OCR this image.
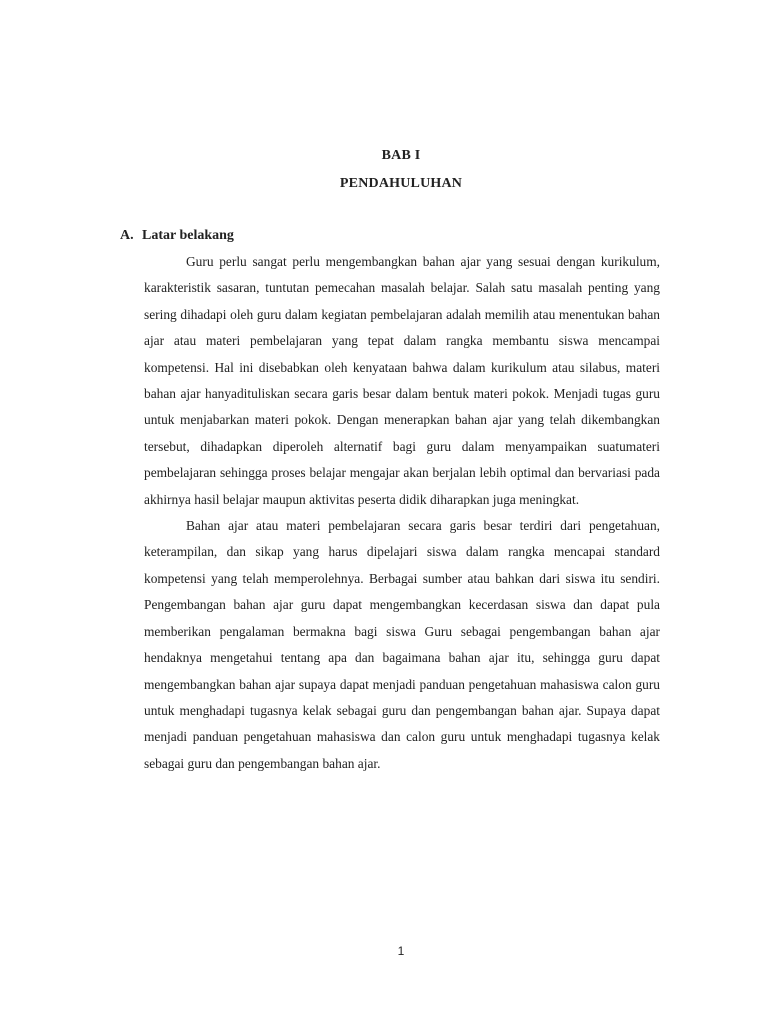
BAB I
PENDAHULUHAN
A. Latar belakang

Guru perlu sangat perlu mengembangkan bahan ajar yang sesuai dengan kurikulum, karakteristik sasaran, tuntutan pemecahan masalah belajar. Salah satu masalah penting yang sering dihadapi oleh guru dalam kegiatan pembelajaran adalah memilih atau menentukan bahan ajar atau materi pembelajaran yang tepat dalam rangka membantu siswa mencampai kompetensi. Hal ini disebabkan oleh kenyataan bahwa dalam kurikulum atau silabus, materi bahan ajar hanyadituliskan secara garis besar dalam bentuk materi pokok. Menjadi tugas guru untuk menjabarkan materi pokok. Dengan menerapkan bahan ajar yang telah dikembangkan tersebut, dihadapkan diperoleh alternatif bagi guru dalam menyampaikan suatumateri pembelajaran sehingga proses belajar mengajar akan berjalan lebih optimal dan bervariasi pada akhirnya hasil belajar maupun aktivitas peserta didik diharapkan juga meningkat.

Bahan ajar atau materi pembelajaran secara garis besar terdiri dari pengetahuan, keterampilan, dan sikap yang harus dipelajari siswa dalam rangka mencapai standard kompetensi yang telah memperolehnya. Berbagai sumber atau bahkan dari siswa itu sendiri. Pengembangan bahan ajar guru dapat mengembangkan kecerdasan siswa dan dapat pula memberikan pengalaman bermakna bagi siswa Guru sebagai pengembangan bahan ajar hendaknya mengetahui tentang apa dan bagaimana bahan ajar itu, sehingga guru dapat mengembangkan bahan ajar supaya dapat menjadi panduan pengetahuan mahasiswa calon guru untuk menghadapi tugasnya kelak sebagai guru dan pengembangan bahan ajar. Supaya dapat menjadi panduan pengetahuan mahasiswa dan calon guru untuk menghadapi tugasnya kelak sebagai guru dan pengembangan bahan ajar.

1
